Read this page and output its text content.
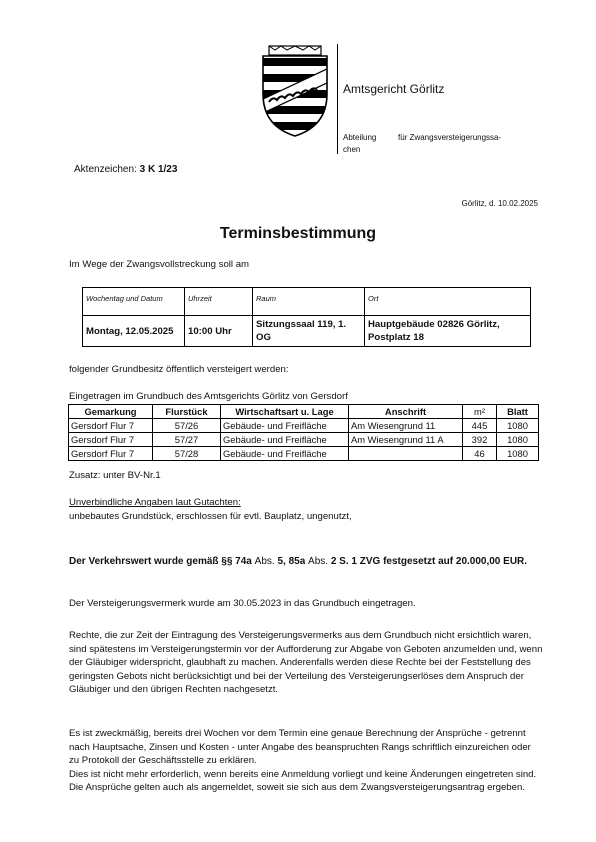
Amtsgericht Görlitz
Abteilung
chen
für Zwangsversteigerungssa-
Aktenzeichen: 3 K 1/23
Görlitz, d. 10.02.2025
Terminsbestimmung
Im Wege der Zwangsvollstreckung soll am
Wochentag und Datum	Uhrzeit	Raum	Ort
Montag, 12.05.2025	10:00 Uhr	Sitzungssaal 119, 1. OG	Hauptgebäude 02826 Görlitz, Postplatz 18
folgender Grundbesitz öffentlich versteigert werden:
Eingetragen im Grundbuch des Amtsgerichts Görlitz von Gersdorf
Gemarkung	Flurstück	Wirtschaftsart u. Lage	Anschrift	m²	Blatt
Gersdorf Flur 7	57/26	Gebäude- und Freifläche	Am Wiesengrund 11	445	1080
Gersdorf Flur 7	57/27	Gebäude- und Freifläche	Am Wiesengrund 11 A	392	1080
Gersdorf Flur 7	57/28	Gebäude- und Freifläche		46	1080
Zusatz: unter BV-Nr.1
Unverbindliche Angaben laut Gutachten:
unbebautes Grundstück, erschlossen für evtl. Bauplatz, ungenutzt,
Der Verkehrswert wurde gemäß §§ 74a Abs. 5, 85a Abs. 2 S. 1 ZVG festgesetzt auf 20.000,00 EUR.
Der Versteigerungsvermerk wurde am 30.05.2023 in das Grundbuch eingetragen.
Rechte, die zur Zeit der Eintragung des Versteigerungsvermerks aus dem Grundbuch nicht ersichtlich waren, sind spätestens im Versteigerungstermin vor der Aufforderung zur Abgabe von Geboten anzumelden und, wenn der Gläubiger widerspricht, glaubhaft zu machen. Anderenfalls werden diese Rechte bei der Feststellung des geringsten Gebots nicht berücksichtigt und bei der Verteilung des Versteigerungserlöses dem Anspruch der Gläubiger und den übrigen Rechten nachgesetzt.
Es ist zweckmäßig, bereits drei Wochen vor dem Termin eine genaue Berechnung der Ansprüche - getrennt nach Hauptsache, Zinsen und Kosten - unter Angabe des beanspruchten Rangs schriftlich einzureichen oder zu Protokoll der Geschäftsstelle zu erklären.
Dies ist nicht mehr erforderlich, wenn bereits eine Anmeldung vorliegt und keine Änderungen eingetreten sind. Die Ansprüche gelten auch als angemeldet, soweit sie sich aus dem Zwangsversteigerungsantrag ergeben.
